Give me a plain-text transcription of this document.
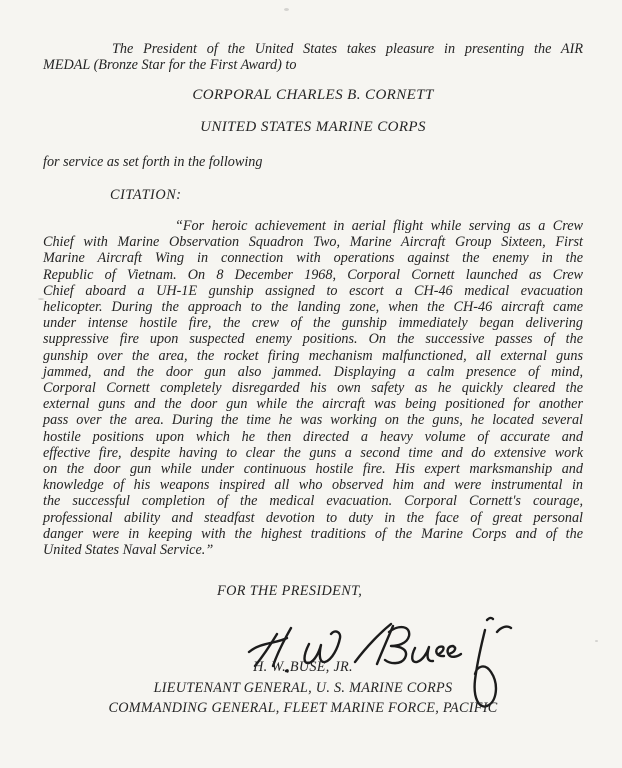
The President of the United States takes pleasure in presenting the AIR
MEDAL (Bronze Star for the First Award) to
CORPORAL CHARLES B. CORNETT
UNITED STATES MARINE CORPS
for service as set forth in the following
CITATION:
“For heroic achievement in aerial flight while serving as a Crew
Chief with Marine Observation Squadron Two, Marine Aircraft Group Sixteen, First
Marine Aircraft Wing in connection with operations against the enemy in the
Republic of Vietnam. On 8 December 1968, Corporal Cornett launched as Crew
Chief aboard a UH-1E gunship assigned to escort a CH-46 medical evacuation
helicopter. During the approach to the landing zone, when the CH-46 aircraft came
under intense hostile fire, the crew of the gunship immediately began delivering
suppressive fire upon suspected enemy positions. On the successive passes of the
gunship over the area, the rocket firing mechanism malfunctioned, all external guns
jammed, and the door gun also jammed. Displaying a calm presence of mind,
Corporal Cornett completely disregarded his own safety as he quickly cleared the
external guns and the door gun while the aircraft was being positioned for another
pass over the area. During the time he was working on the guns, he located several
hostile positions upon which he then directed a heavy volume of accurate and
effective fire, despite having to clear the guns a second time and do extensive work
on the door gun while under continuous hostile fire. His expert marksmanship and
knowledge of his weapons inspired all who observed him and were instrumental in
the successful completion of the medical evacuation. Corporal Cornett's courage,
professional ability and steadfast devotion to duty in the face of great personal
danger were in keeping with the highest traditions of the Marine Corps and of the
United States Naval Service.”
FOR THE PRESIDENT,
H. W. BUSE, JR.
LIEUTENANT GENERAL, U. S. MARINE CORPS
COMMANDING GENERAL, FLEET MARINE FORCE, PACIFIC
